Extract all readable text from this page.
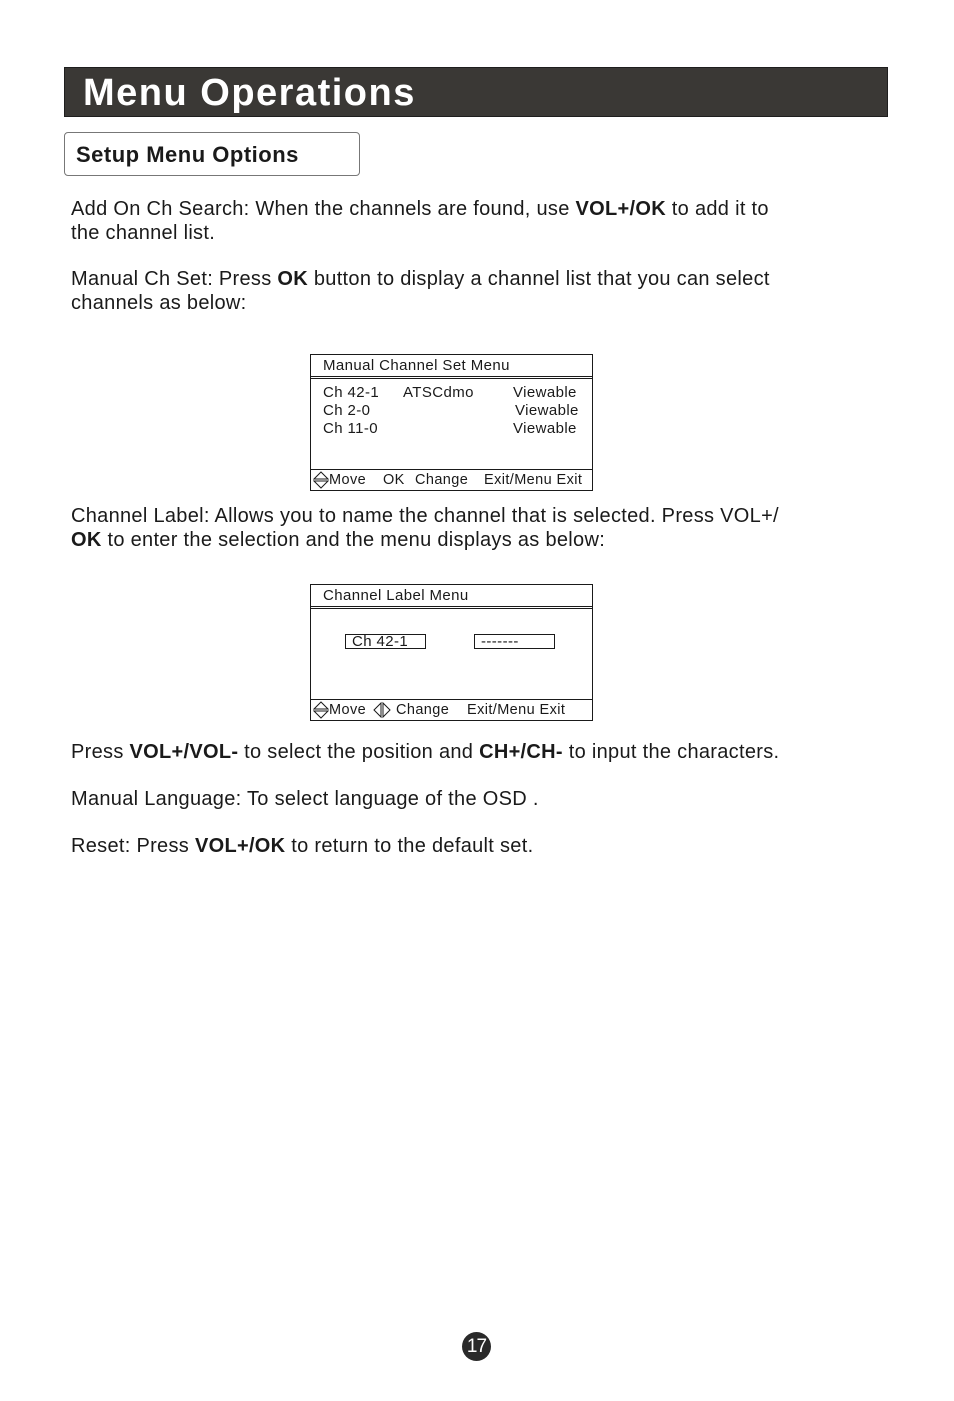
Menu Operations
Setup Menu Options
Add On Ch Search: When the channels are found, use VOL+/OK to add it to
the channel list.
Manual Ch Set: Press OK button to display a channel list that you can select
channels as below:
Manual Channel Set Menu
Ch 42-1 ATSCdmo	Viewable
Ch 2-0	Viewable
Ch 11-0	Viewable
Move OK Change Exit/Menu Exit
Channel Label: Allows you to name the channel that is selected. Press VOL+/
OK to enter the selection and the menu displays as below:
Channel Label Menu
Ch 42-1	-------
Move Change Exit/Menu Exit
Press VOL+/VOL- to select the position and CH+/CH- to input the characters.
Manual Language: To select language of the OSD .
Reset: Press VOL+/OK to return to the default set.
17
